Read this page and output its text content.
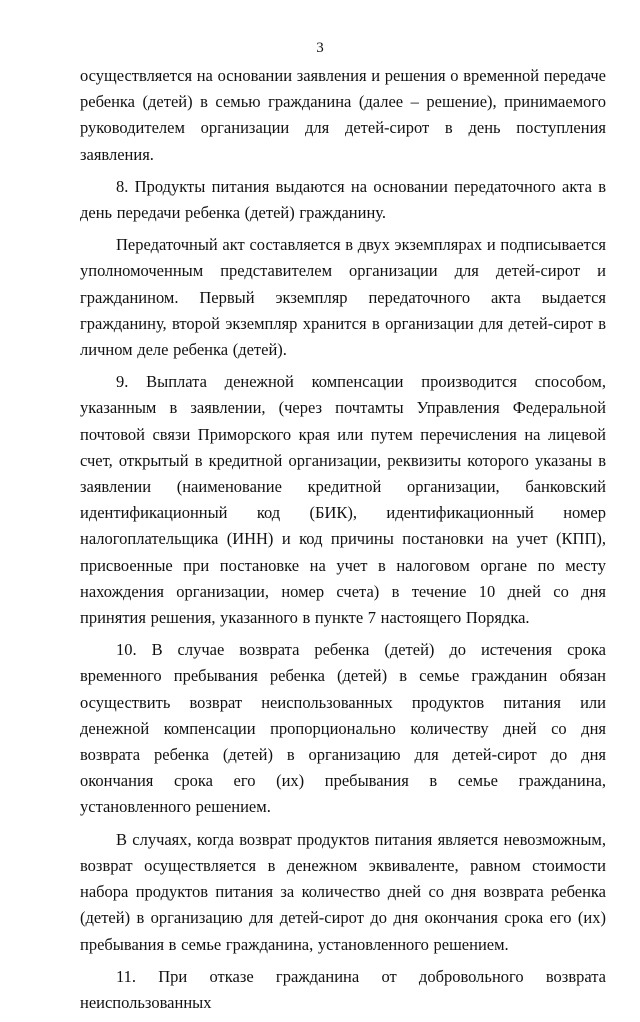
3

осуществляется на основании заявления и решения о временной передаче ребенка (детей) в семью гражданина (далее – решение), принимаемого руководителем организации для детей-сирот в день поступления заявления.

8. Продукты питания выдаются на основании передаточного акта в день передачи ребенка (детей) гражданину.

Передаточный акт составляется в двух экземплярах и подписывается уполномоченным представителем организации для детей-сирот и гражданином. Первый экземпляр передаточного акта выдается гражданину, второй экземпляр хранится в организации для детей-сирот в личном деле ребенка (детей).

9. Выплата денежной компенсации производится способом, указанным в заявлении, (через почтамты Управления Федеральной почтовой связи Приморского края или путем перечисления на лицевой счет, открытый в кредитной организации, реквизиты которого указаны в заявлении (наименование кредитной организации, банковский идентификационный код (БИК), идентификационный номер налогоплательщика (ИНН) и код причины постановки на учет (КПП), присвоенные при постановке на учет в налоговом органе по месту нахождения организации, номер счета) в течение 10 дней со дня принятия решения, указанного в пункте 7 настоящего Порядка.

10. В случае возврата ребенка (детей) до истечения срока временного пребывания ребенка (детей) в семье гражданин обязан осуществить возврат неиспользованных продуктов питания или денежной компенсации пропорционально количеству дней со дня возврата ребенка (детей) в организацию для детей-сирот до дня окончания срока его (их) пребывания в семье гражданина, установленного решением.

В случаях, когда возврат продуктов питания является невозможным, возврат осуществляется в денежном эквиваленте, равном стоимости набора продуктов питания за количество дней со дня возврата ребенка (детей) в организацию для детей-сирот до дня окончания срока его (их) пребывания в семье гражданина, установленного решением.

11. При отказе гражданина от добровольного возврата неиспользованных
